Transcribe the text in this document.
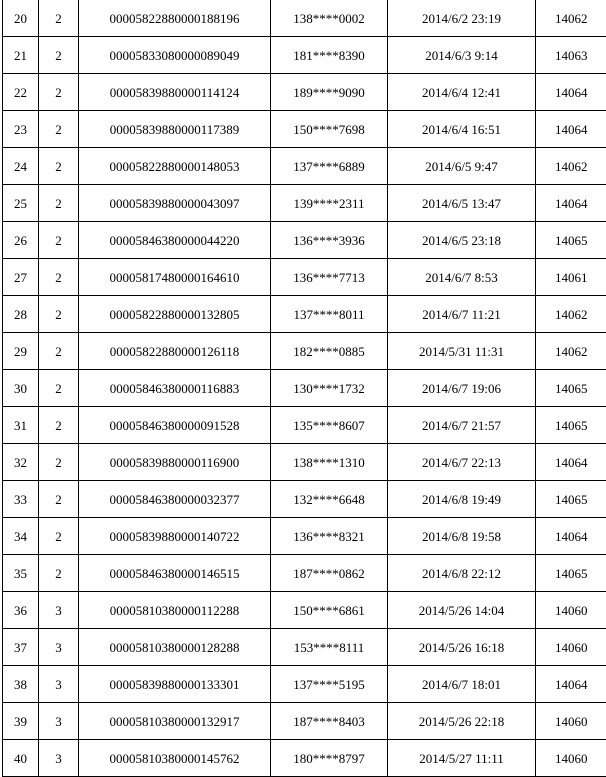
20	2	00005822880000188196	138****0002	2014/6/2 23:19	14062
21	2	00005833080000089049	181****8390	2014/6/3 9:14	14063
22	2	00005839880000114124	189****9090	2014/6/4 12:41	14064
23	2	00005839880000117389	150****7698	2014/6/4 16:51	14064
24	2	00005822880000148053	137****6889	2014/6/5 9:47	14062
25	2	00005839880000043097	139****2311	2014/6/5 13:47	14064
26	2	00005846380000044220	136****3936	2014/6/5 23:18	14065
27	2	00005817480000164610	136****7713	2014/6/7 8:53	14061
28	2	00005822880000132805	137****8011	2014/6/7 11:21	14062
29	2	00005822880000126118	182****0885	2014/5/31 11:31	14062
30	2	00005846380000116883	130****1732	2014/6/7 19:06	14065
31	2	00005846380000091528	135****8607	2014/6/7 21:57	14065
32	2	00005839880000116900	138****1310	2014/6/7 22:13	14064
33	2	00005846380000032377	132****6648	2014/6/8 19:49	14065
34	2	00005839880000140722	136****8321	2014/6/8 19:58	14064
35	2	00005846380000146515	187****0862	2014/6/8 22:12	14065
36	3	00005810380000112288	150****6861	2014/5/26 14:04	14060
37	3	00005810380000128288	153****8111	2014/5/26 16:18	14060
38	3	00005839880000133301	137****5195	2014/6/7 18:01	14064
39	3	00005810380000132917	187****8403	2014/5/26 22:18	14060
40	3	00005810380000145762	180****8797	2014/5/27 11:11	14060
